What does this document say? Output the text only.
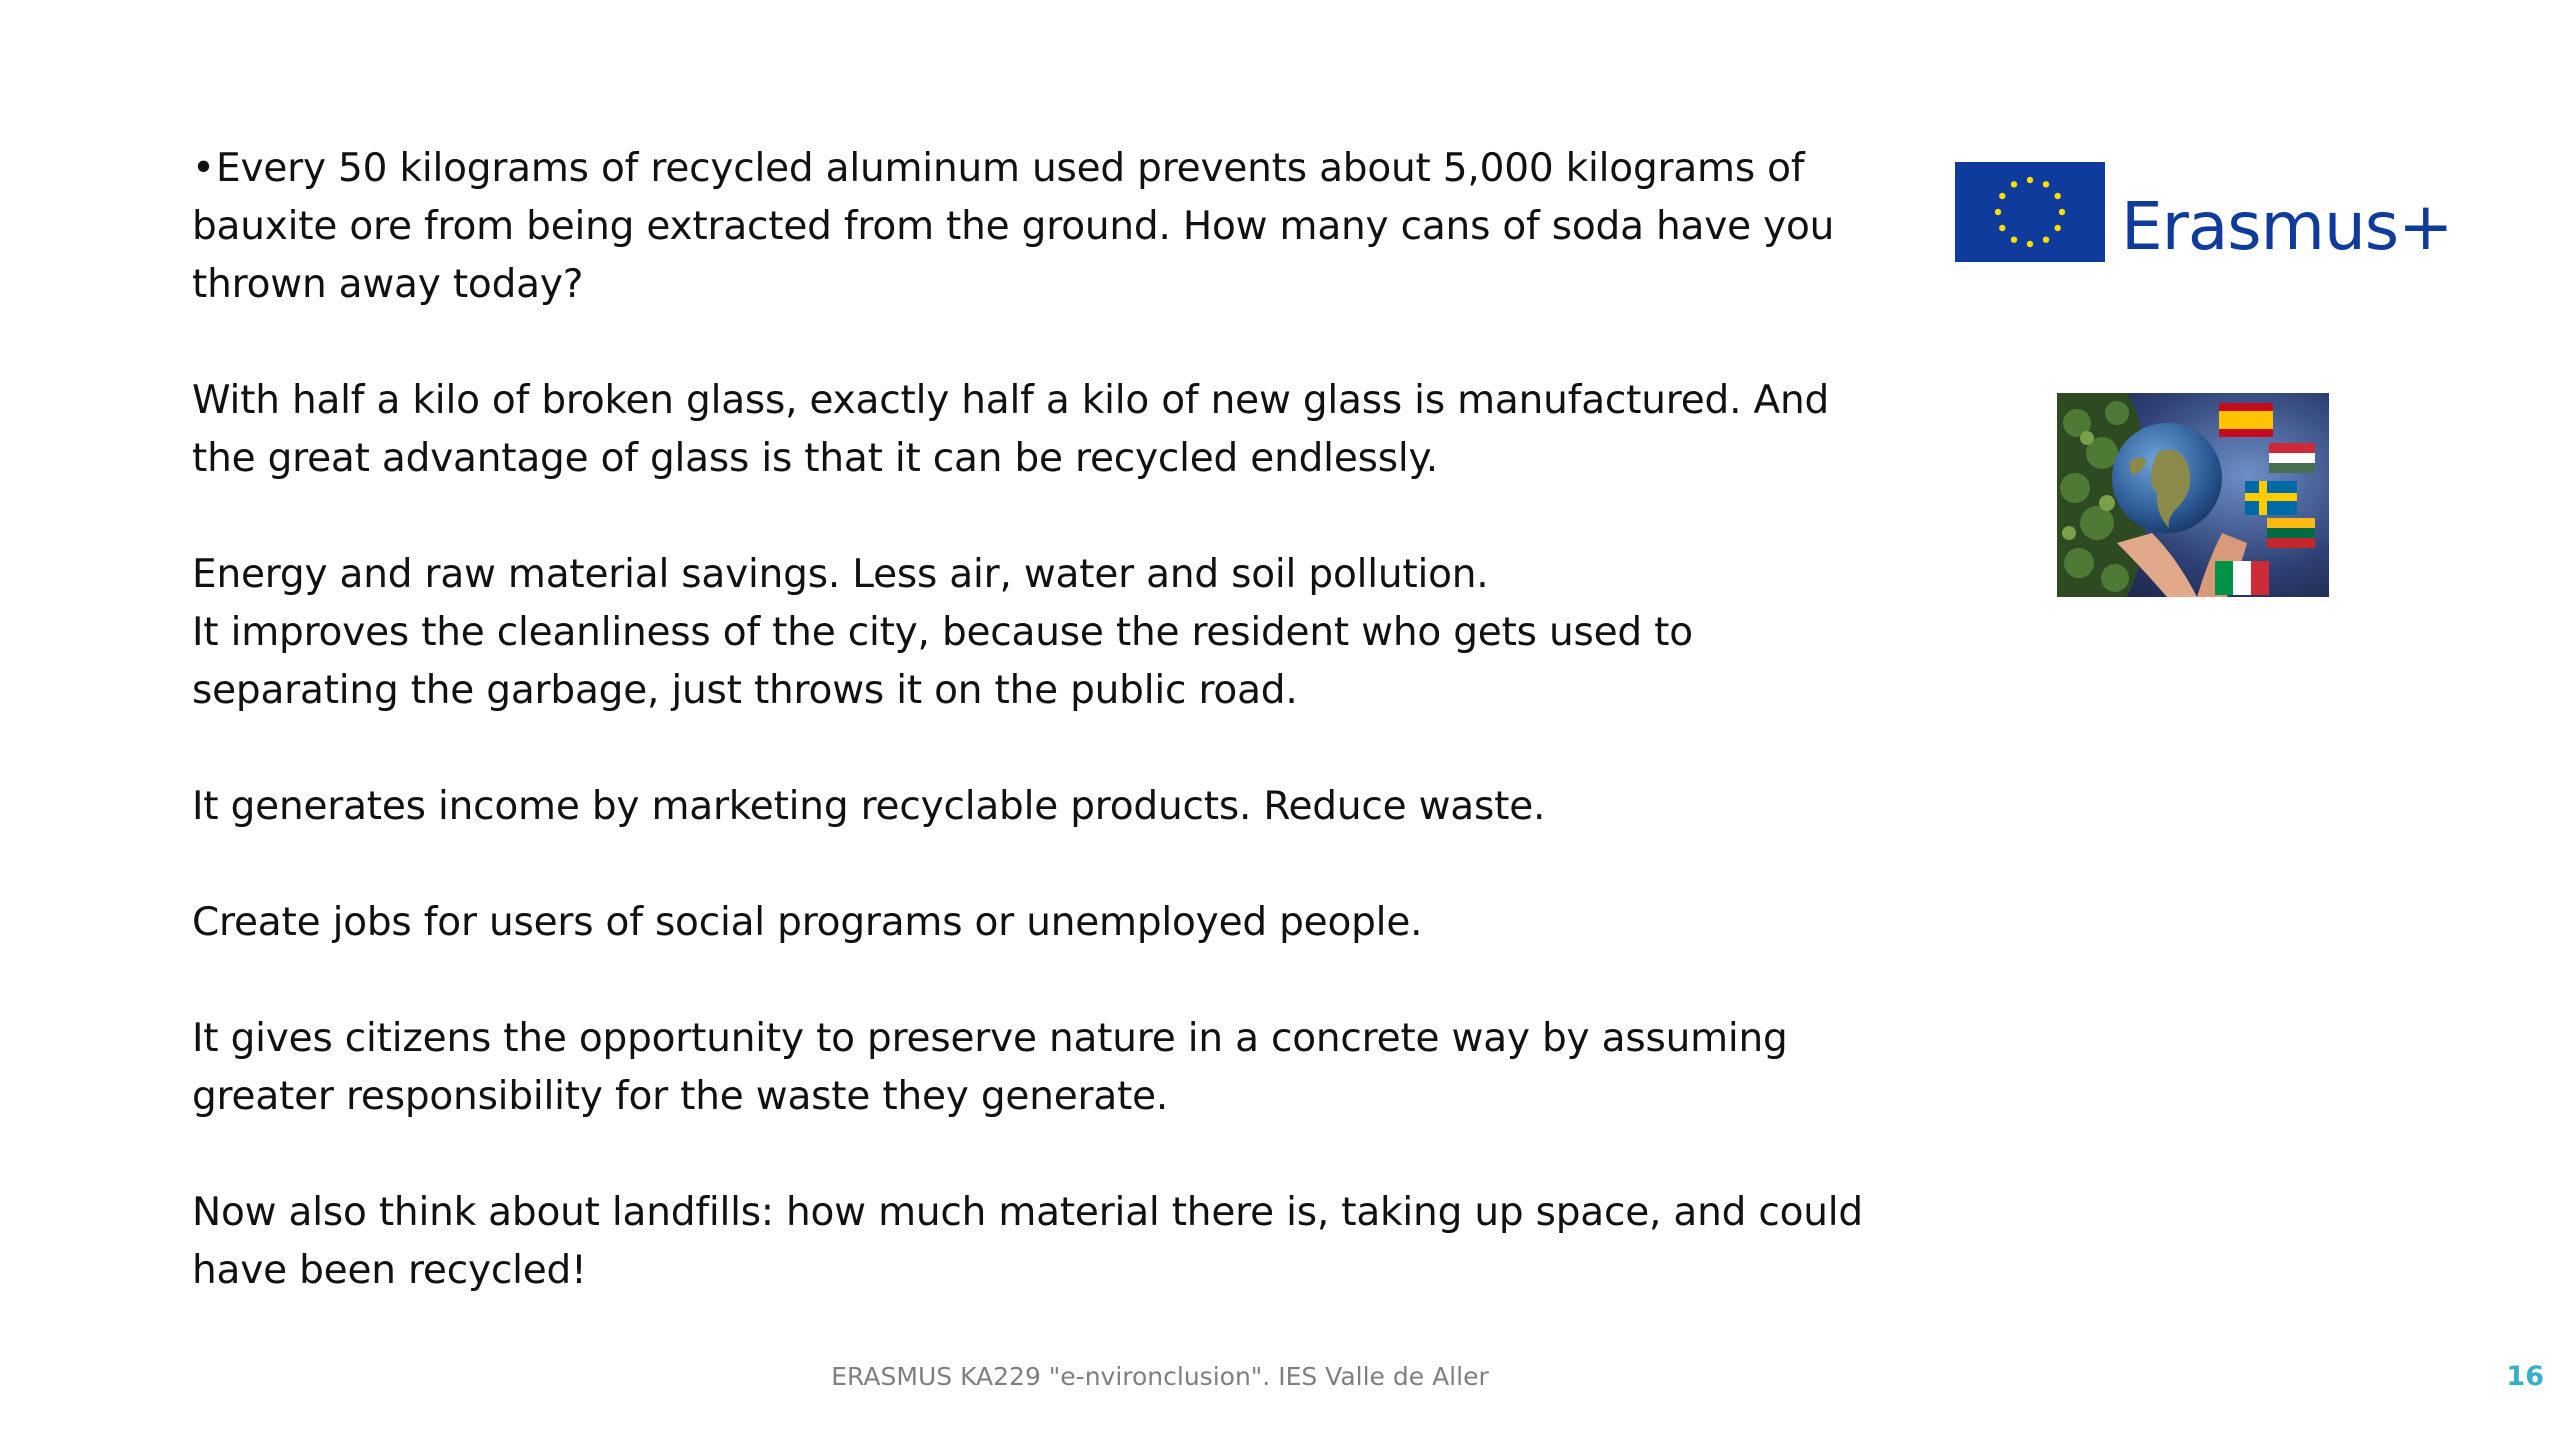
•Every 50 kilograms of recycled aluminum used prevents about 5,000 kilograms of
bauxite ore from being extracted from the ground. How many cans of soda have you
thrown away today?

With half a kilo of broken glass, exactly half a kilo of new glass is manufactured. And
the great advantage of glass is that it can be recycled endlessly.

Energy and raw material savings. Less air, water and soil pollution.
It improves the cleanliness of the city, because the resident who gets used to
separating the garbage, just throws it on the public road.

It generates income by marketing recyclable products. Reduce waste.

Create jobs for users of social programs or unemployed people.

It gives citizens the opportunity to preserve nature in a concrete way by assuming
greater responsibility for the waste they generate.

Now also think about landfills: how much material there is, taking up space, and could
have been recycled!

Erasmus+
ERASMUS KA229 "e-nvironclusion". IES Valle de Aller	16
